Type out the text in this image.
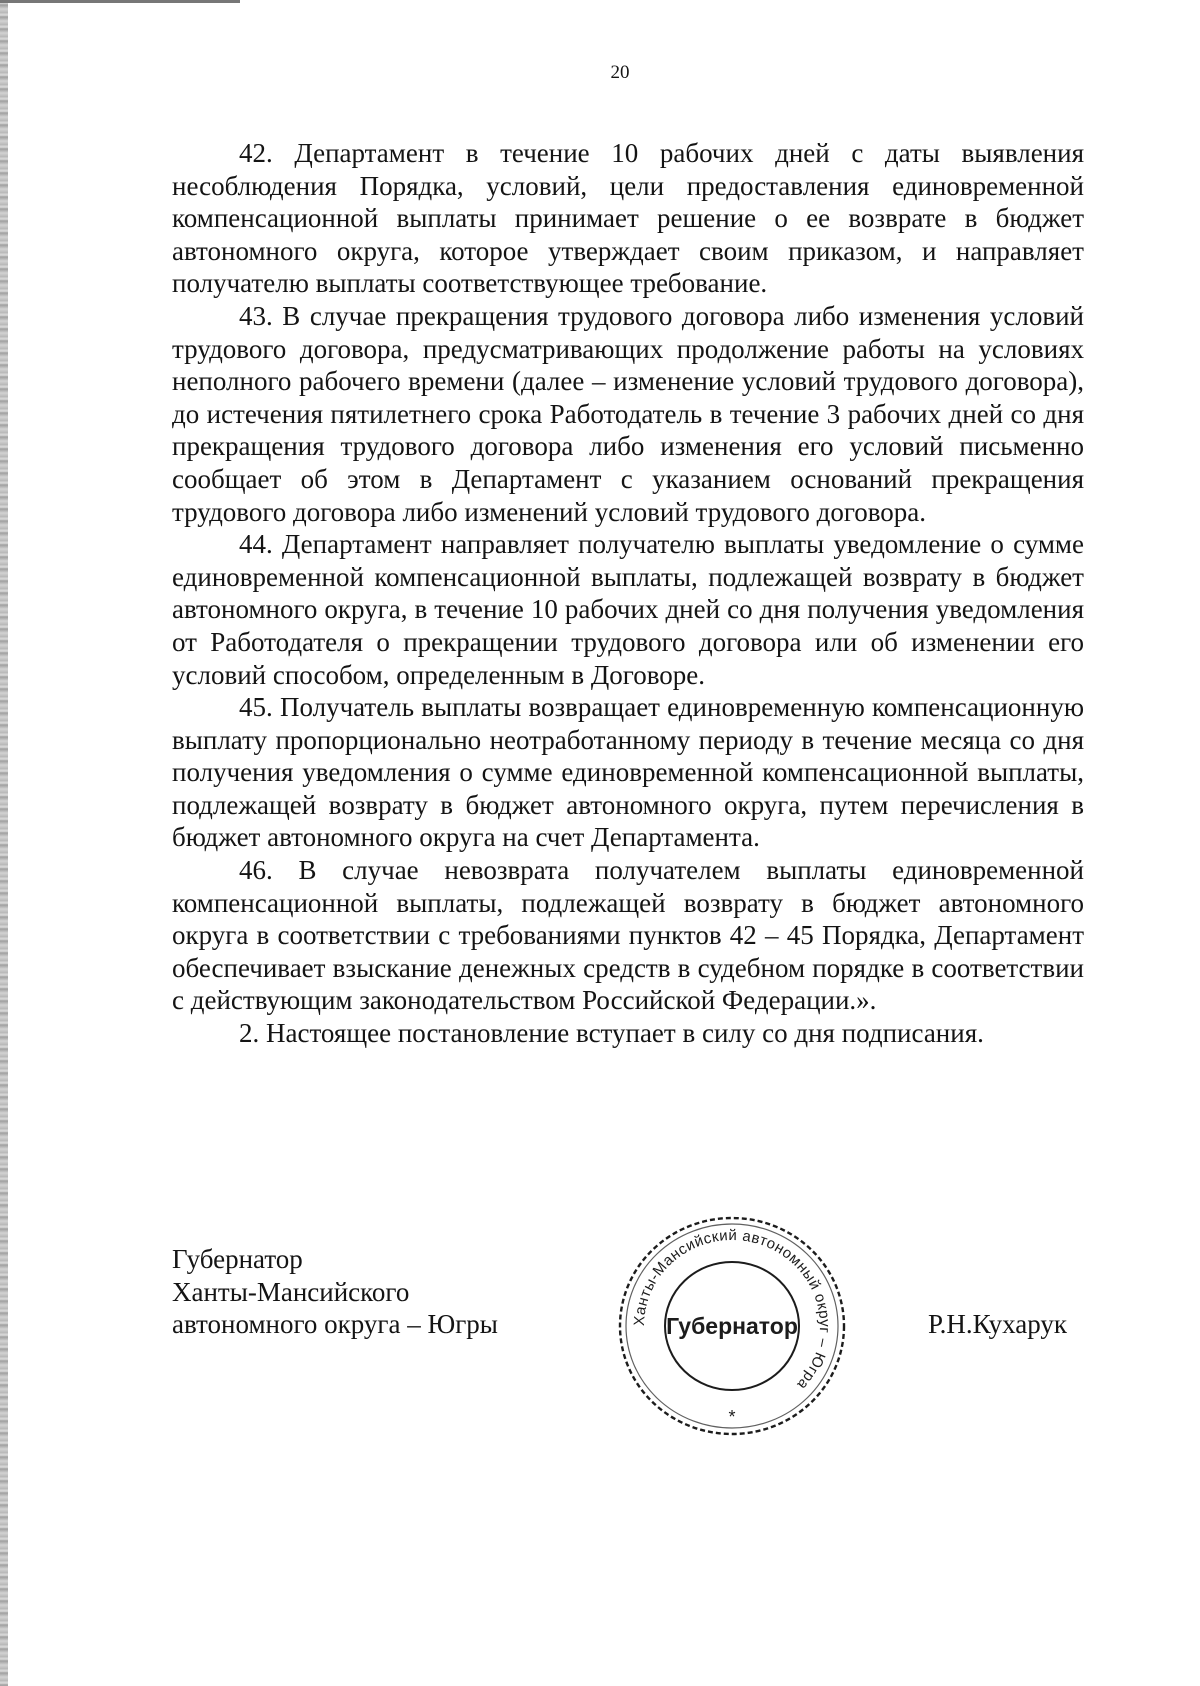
20

42. Департамент в течение 10 рабочих дней с даты выявления несоблюдения Порядка, условий, цели предоставления единовременной компенсационной выплаты принимает решение о ее возврате в бюджет автономного округа, которое утверждает своим приказом, и направляет получателю выплаты соответствующее требование.

43. В случае прекращения трудового договора либо изменения условий трудового договора, предусматривающих продолжение работы на условиях неполного рабочего времени (далее – изменение условий трудового договора), до истечения пятилетнего срока Работодатель в течение 3 рабочих дней со дня прекращения трудового договора либо изменения его условий письменно сообщает об этом в Департамент с указанием оснований прекращения трудового договора либо изменений условий трудового договора.

44. Департамент направляет получателю выплаты уведомление о сумме единовременной компенсационной выплаты, подлежащей возврату в бюджет автономного округа, в течение 10 рабочих дней со дня получения уведомления от Работодателя о прекращении трудового договора или об изменении его условий способом, определенным в Договоре.

45. Получатель выплаты возвращает единовременную компенсационную выплату пропорционально неотработанному периоду в течение месяца со дня получения уведомления о сумме единовременной компенсационной выплаты, подлежащей возврату в бюджет автономного округа, путем перечисления в бюджет автономного округа на счет Департамента.

46. В случае невозврата получателем выплаты единовременной компенсационной выплаты, подлежащей возврату в бюджет автономного округа в соответствии с требованиями пунктов 42 – 45 Порядка, Департамент обеспечивает взыскание денежных средств в судебном порядке в соответствии с действующим законодательством Российской Федерации.».

2. Настоящее постановление вступает в силу со дня подписания.

Губернатор
Ханты-Мансийского
автономного округа – Югры	Ханты-Мансийский автономный округ – Югра
Губернатор
*
Р.Н.Кухарук
